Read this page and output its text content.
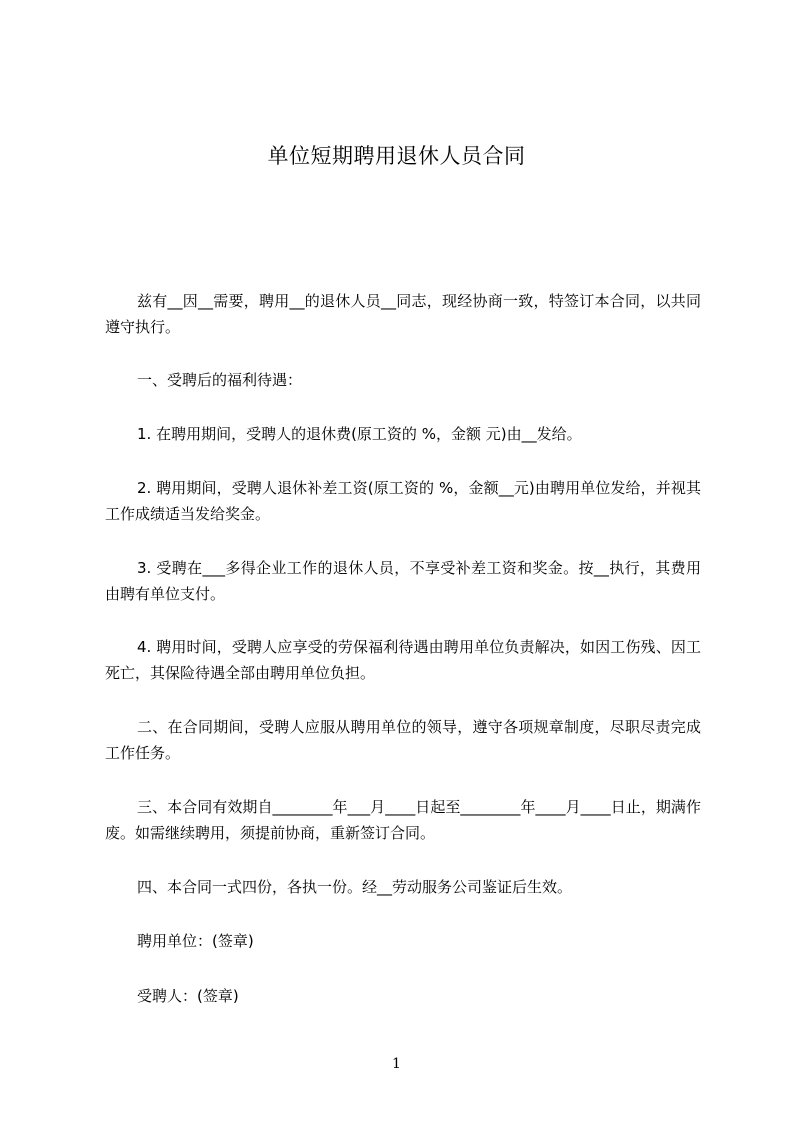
单位短期聘用退休人员合同
兹有__因__需要，聘用__的退休人员__同志，现经协商一致，特签订本合同，以共同遵守执行。
一、受聘后的福利待遇：
1. 在聘用期间，受聘人的退休费(原工资的 %，金额 元)由__发给。
2. 聘用期间，受聘人退休补差工资(原工资的 %，金额__元)由聘用单位发给，并视其工作成绩适当发给奖金。
3. 受聘在___多得企业工作的退休人员，不享受补差工资和奖金。按__执行，其费用由聘有单位支付。
4. 聘用时间，受聘人应享受的劳保福利待遇由聘用单位负责解决，如因工伤残、因工死亡，其保险待遇全部由聘用单位负担。
二、在合同期间，受聘人应服从聘用单位的领导，遵守各项规章制度，尽职尽责完成工作任务。
三、本合同有效期自________年___月____日起至________年____月____日止，期满作废。如需继续聘用，须提前协商，重新签订合同。
四、本合同一式四份，各执一份。经__劳动服务公司鉴证后生效。
聘用单位：(签章)
受聘人：(签章)
1
